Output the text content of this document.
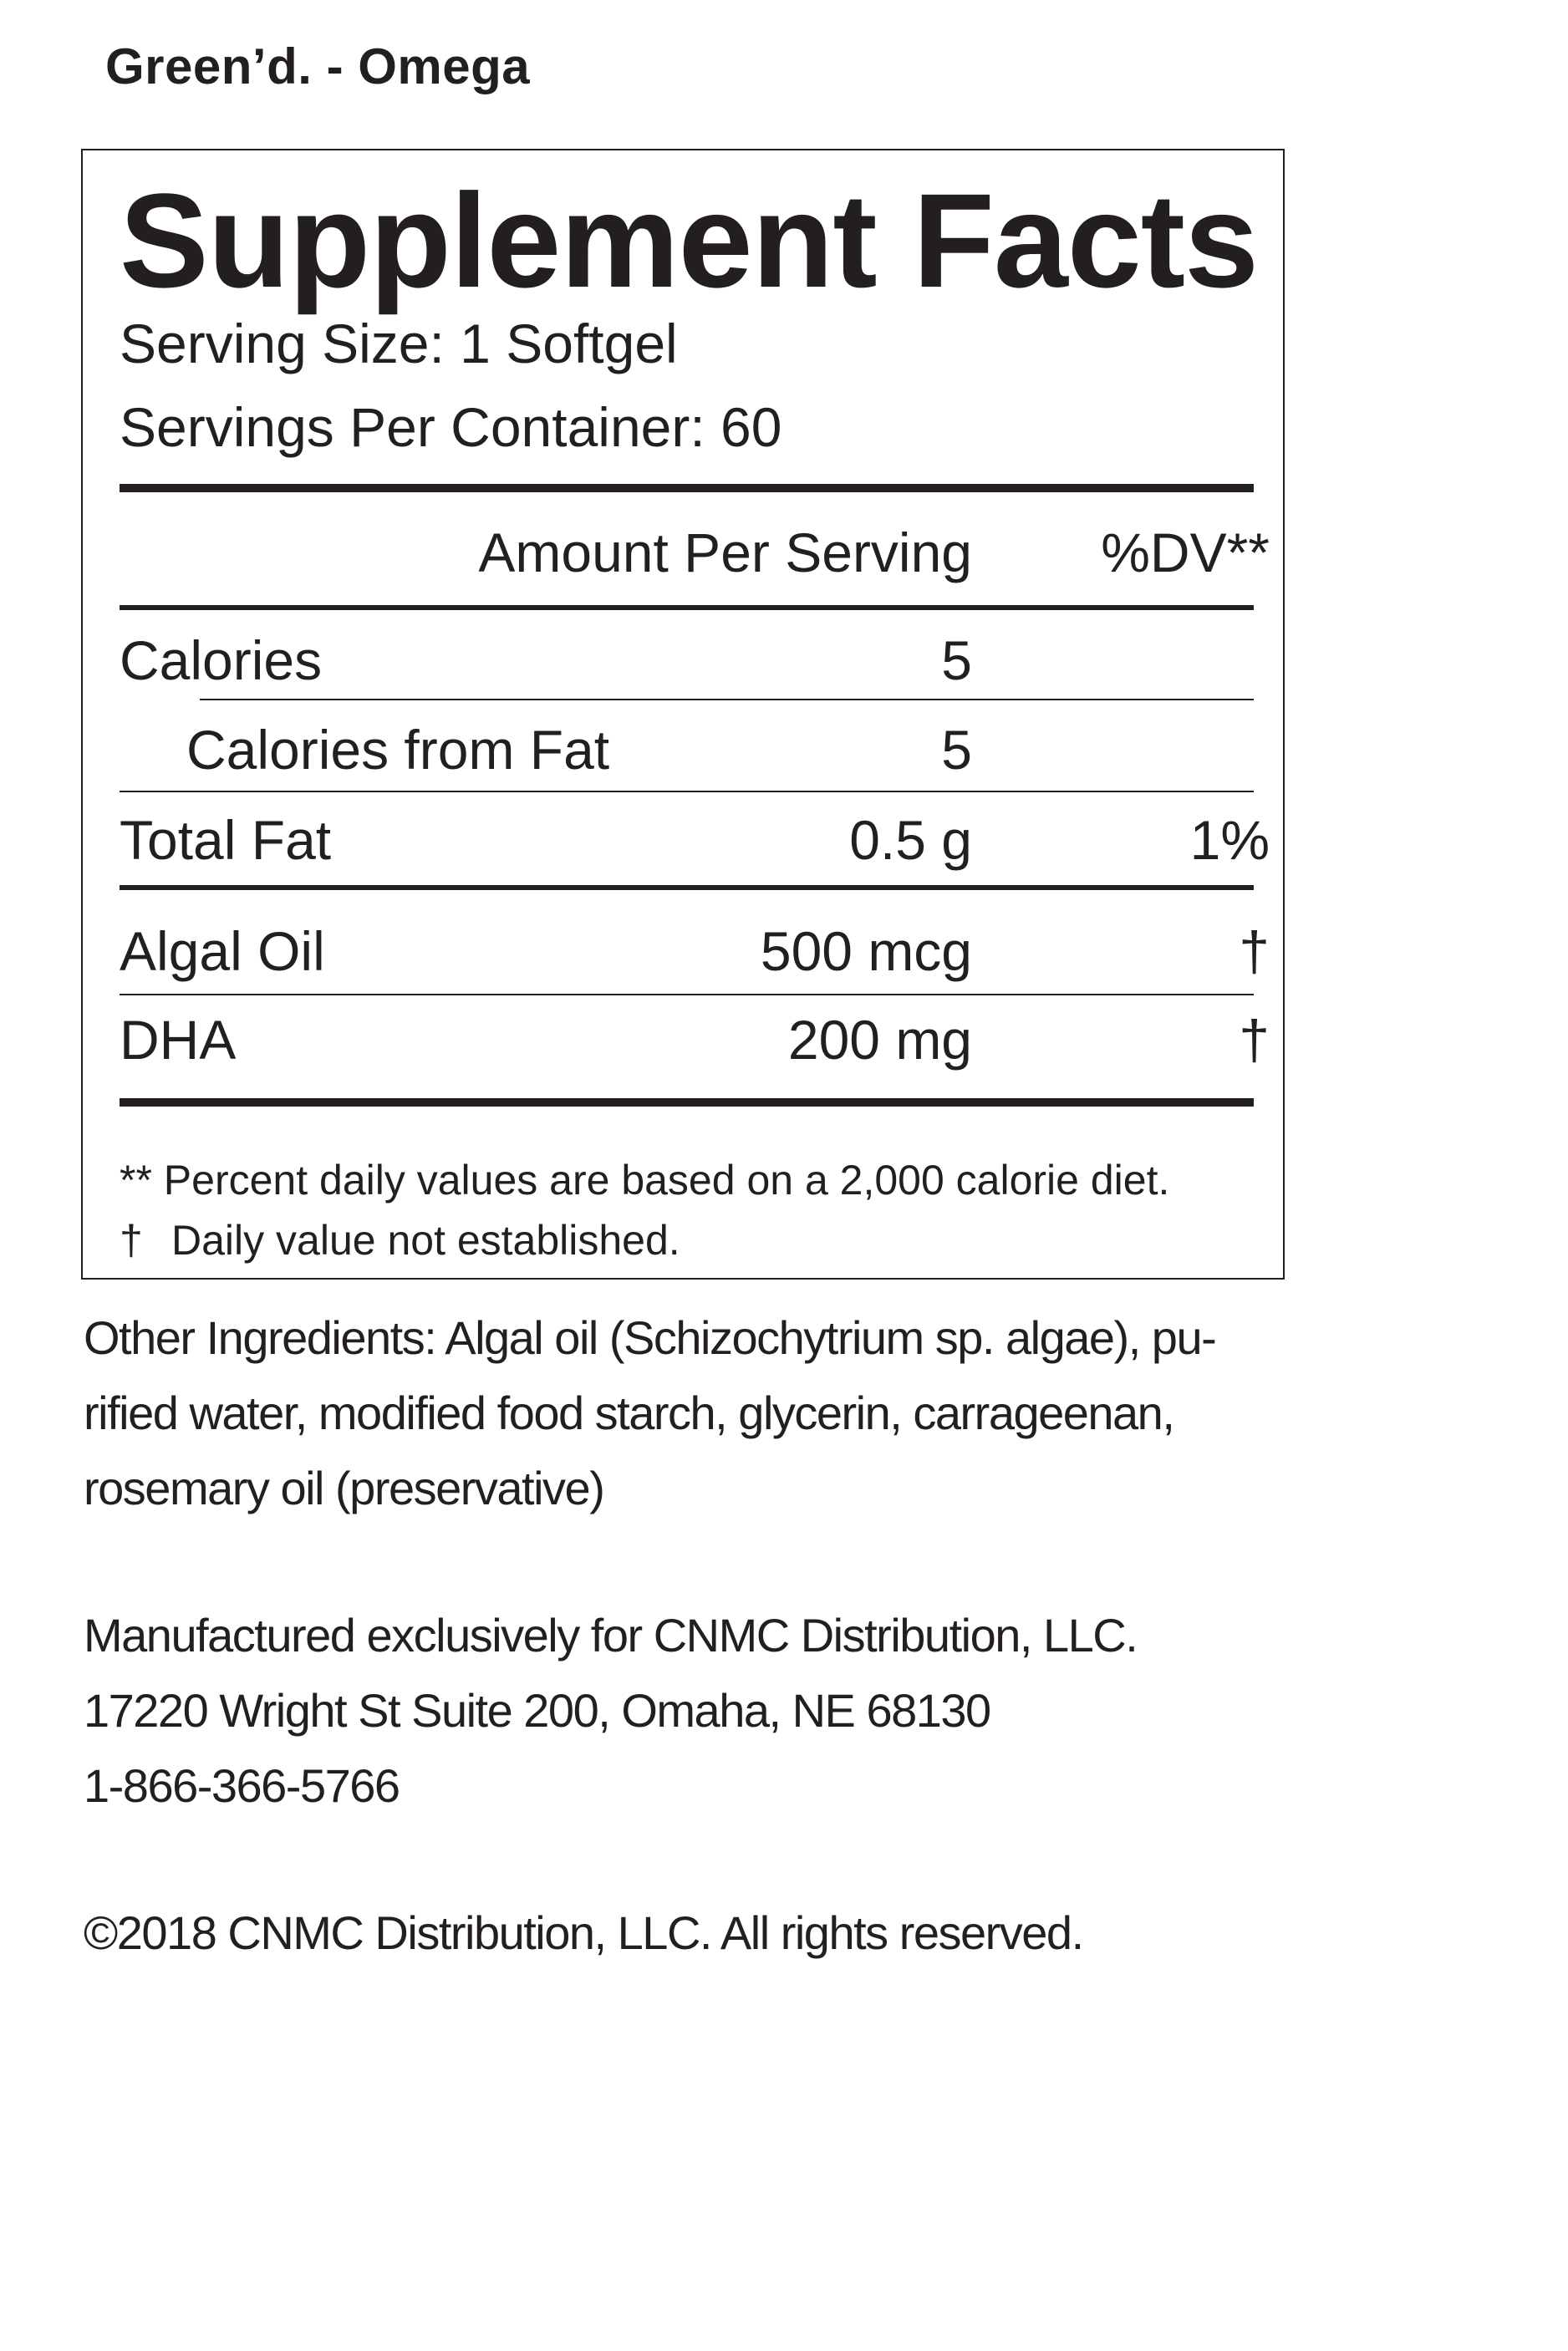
Green’d. - Omega
Supplement Facts

Serving Size: 1 Softgel

Servings Per Container: 60

Amount Per Serving %DV**

Calories	5

Calories from Fat	5

Total Fat	0.5 g	1%

Algal Oil	500 mcg	†

DHA	200 mg	†

** Percent daily values are based on a 2,000 calorie diet.

† Daily value not established.

Other Ingredients: Algal oil (Schizochytrium sp. algae), pu-
rified water, modified food starch, glycerin, carrageenan,
rosemary oil (preservative)

Manufactured exclusively for CNMC Distribution, LLC.
17220 Wright St Suite 200, Omaha, NE 68130
1-866-366-5766

©2018 CNMC Distribution, LLC. All rights reserved.
